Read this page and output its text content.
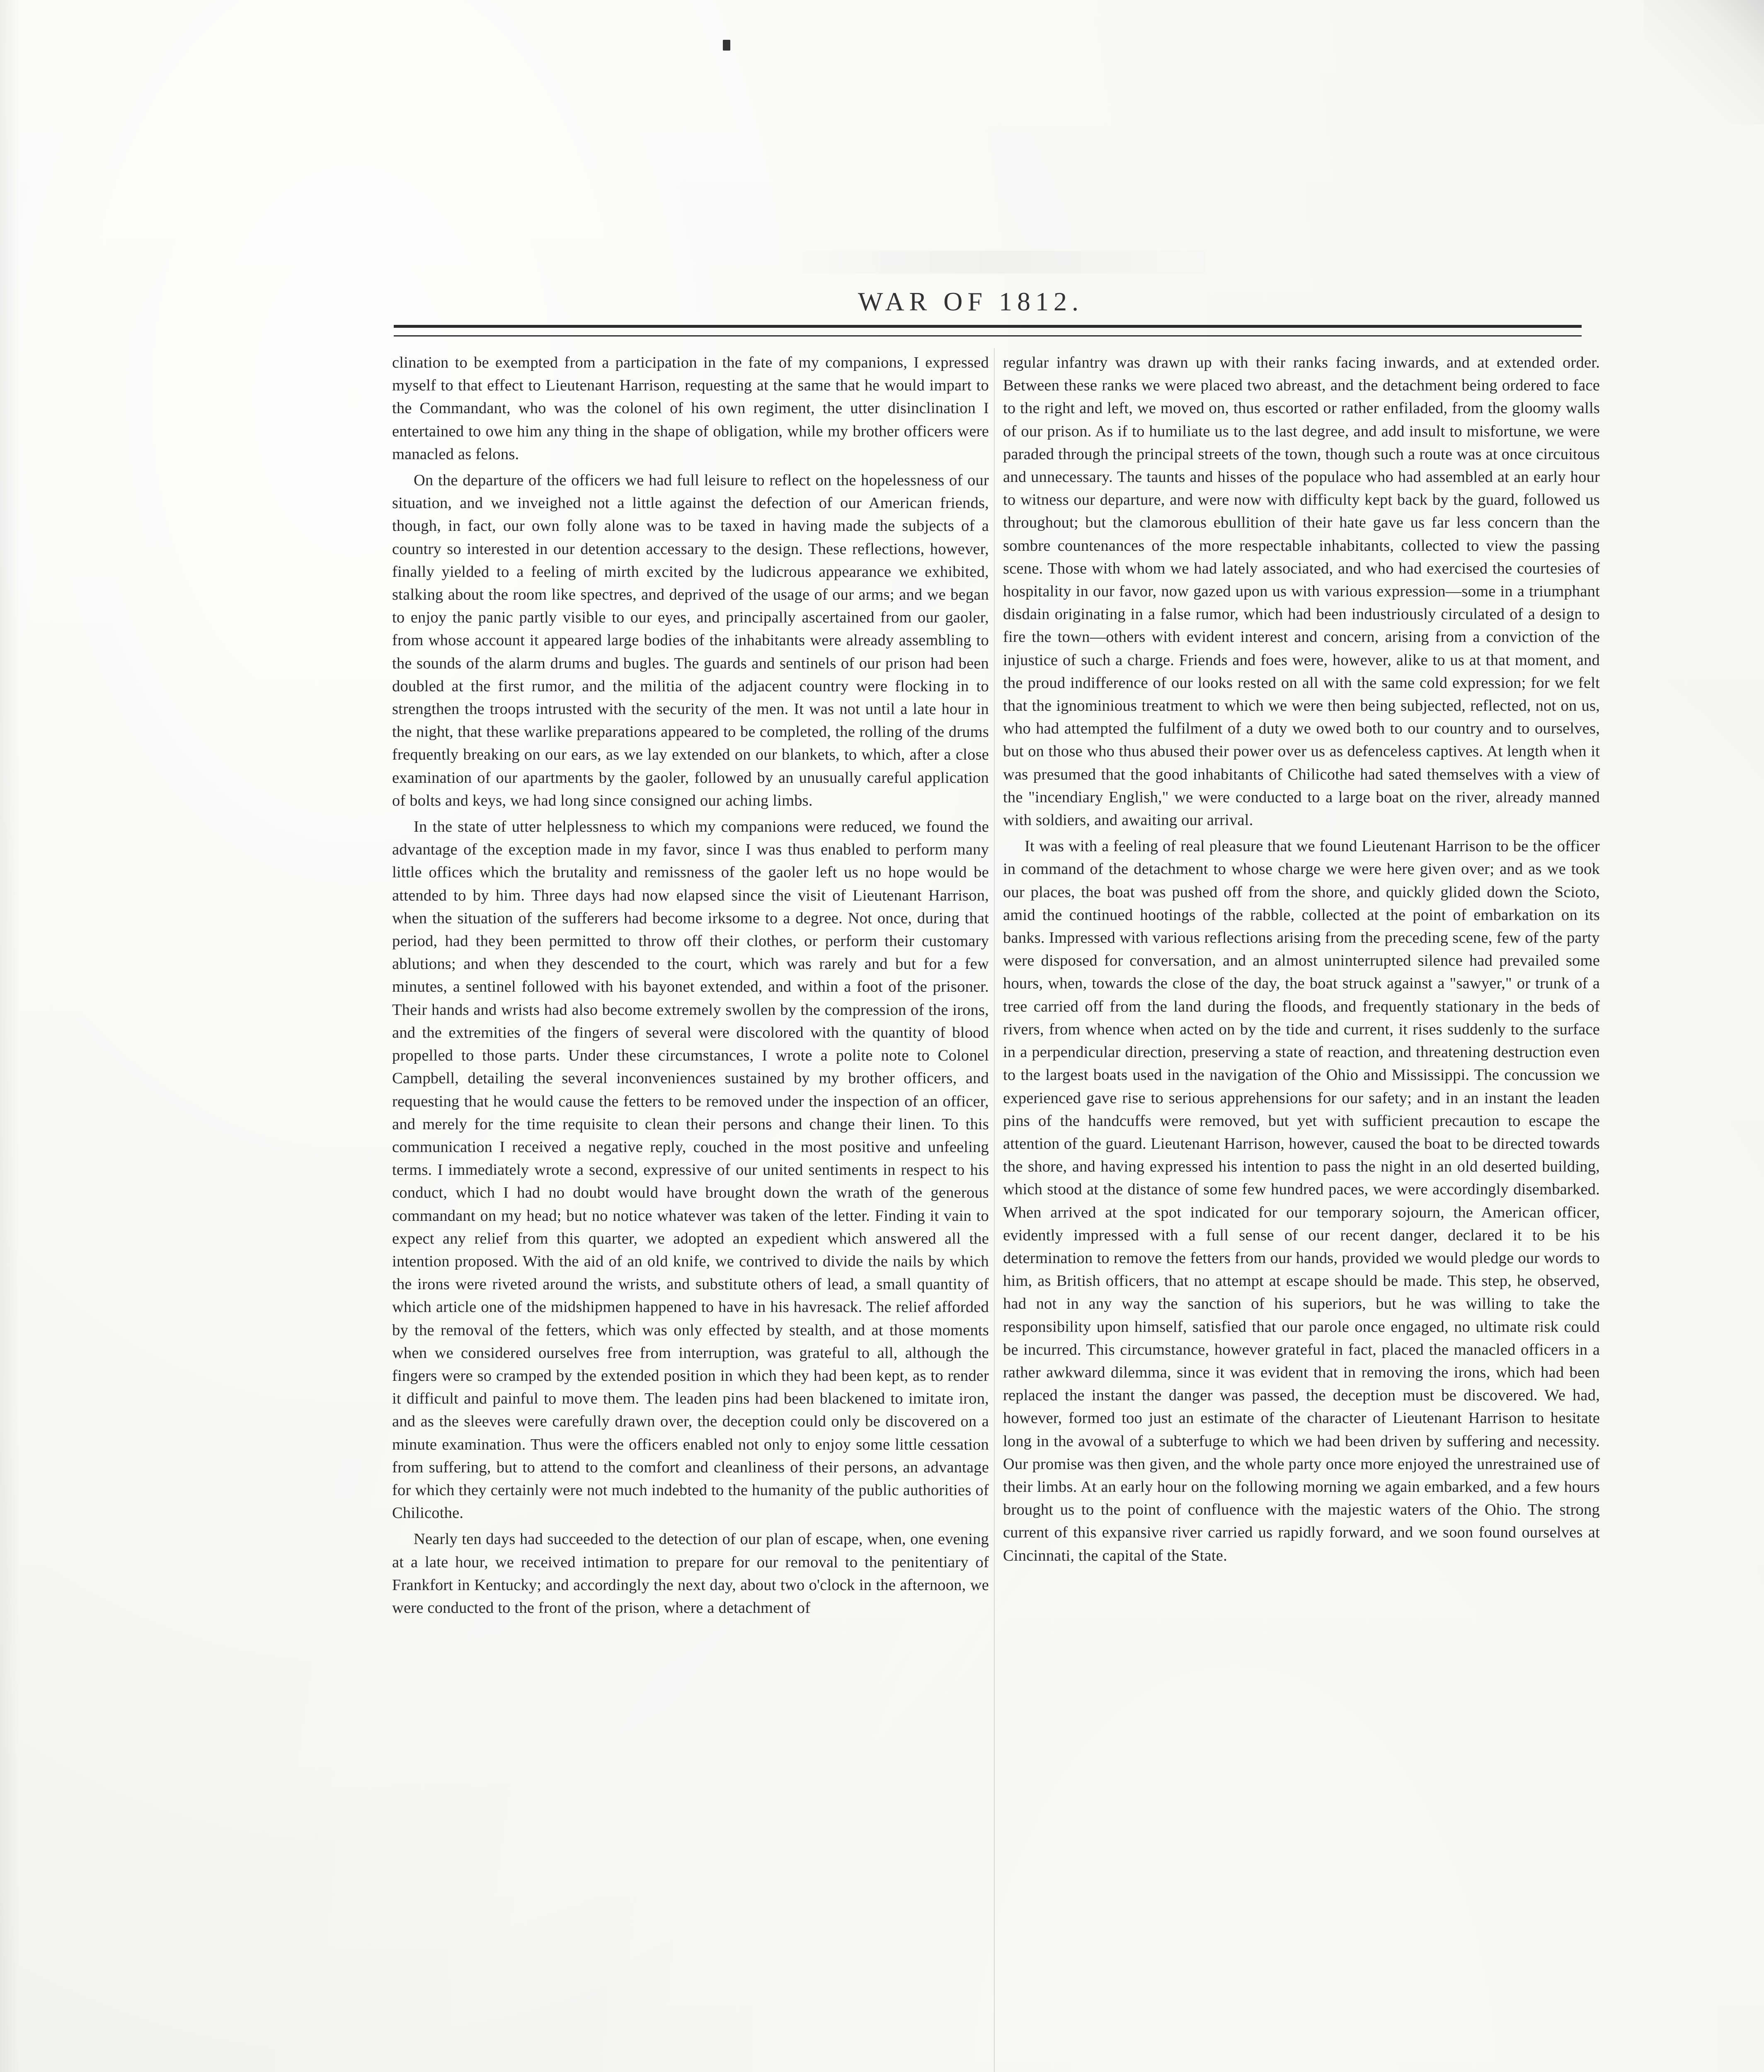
WAR OF 1812.

clination to be exempted from a participation in the fate of my companions, I expressed myself to that effect to Lieutenant Harrison, requesting at the same that he would impart to the Commandant, who was the colonel of his own regiment, the utter disinclination I entertained to owe him any thing in the shape of obligation, while my brother officers were manacled as felons.

On the departure of the officers we had full leisure to reflect on the hopelessness of our situation, and we inveighed not a little against the defection of our American friends, though, in fact, our own folly alone was to be taxed in having made the subjects of a country so interested in our detention accessary to the design. These reflections, however, finally yielded to a feeling of mirth excited by the ludicrous appearance we exhibited, stalking about the room like spectres, and deprived of the usage of our arms; and we began to enjoy the panic partly visible to our eyes, and principally ascertained from our gaoler, from whose account it appeared large bodies of the inhabitants were already assembling to the sounds of the alarm drums and bugles. The guards and sentinels of our prison had been doubled at the first rumor, and the militia of the adjacent country were flocking in to strengthen the troops intrusted with the security of the men. It was not until a late hour in the night, that these warlike preparations appeared to be completed, the rolling of the drums frequently breaking on our ears, as we lay extended on our blankets, to which, after a close examination of our apartments by the gaoler, followed by an unusually careful application of bolts and keys, we had long since consigned our aching limbs.

In the state of utter helplessness to which my companions were reduced, we found the advantage of the exception made in my favor, since I was thus enabled to perform many little offices which the brutality and remissness of the gaoler left us no hope would be attended to by him. Three days had now elapsed since the visit of Lieutenant Harrison, when the situation of the sufferers had become irksome to a degree. Not once, during that period, had they been permitted to throw off their clothes, or perform their customary ablutions; and when they descended to the court, which was rarely and but for a few minutes, a sentinel followed with his bayonet extended, and within a foot of the prisoner. Their hands and wrists had also become extremely swollen by the compression of the irons, and the extremities of the fingers of several were discolored with the quantity of blood propelled to those parts. Under these circumstances, I wrote a polite note to Colonel Campbell, detailing the several inconveniences sustained by my brother officers, and requesting that he would cause the fetters to be removed under the inspection of an officer, and merely for the time requisite to clean their persons and change their linen. To this communication I received a negative reply, couched in the most positive and unfeeling terms. I immediately wrote a second, expressive of our united sentiments in respect to his conduct, which I had no doubt would have brought down the wrath of the generous commandant on my head; but no notice whatever was taken of the letter. Finding it vain to expect any relief from this quarter, we adopted an expedient which answered all the intention proposed. With the aid of an old knife, we contrived to divide the nails by which the irons were riveted around the wrists, and substitute others of lead, a small quantity of which article one of the midshipmen happened to have in his havresack. The relief afforded by the removal of the fetters, which was only effected by stealth, and at those moments when we considered ourselves free from interruption, was grateful to all, although the fingers were so cramped by the extended position in which they had been kept, as to render it difficult and painful to move them. The leaden pins had been blackened to imitate iron, and as the sleeves were carefully drawn over, the deception could only be discovered on a minute examination. Thus were the officers enabled not only to enjoy some little cessation from suffering, but to attend to the comfort and cleanliness of their persons, an advantage for which they certainly were not much indebted to the humanity of the public authorities of Chilicothe.

Nearly ten days had succeeded to the detection of our plan of escape, when, one evening at a late hour, we received intimation to prepare for our removal to the penitentiary of Frankfort in Kentucky; and accordingly the next day, about two o'clock in the afternoon, we were conducted to the front of the prison, where a detachment of

regular infantry was drawn up with their ranks facing inwards, and at extended order. Between these ranks we were placed two abreast, and the detachment being ordered to face to the right and left, we moved on, thus escorted or rather enfiladed, from the gloomy walls of our prison. As if to humiliate us to the last degree, and add insult to misfortune, we were paraded through the principal streets of the town, though such a route was at once circuitous and unnecessary. The taunts and hisses of the populace who had assembled at an early hour to witness our departure, and were now with difficulty kept back by the guard, followed us throughout; but the clamorous ebullition of their hate gave us far less concern than the sombre countenances of the more respectable inhabitants, collected to view the passing scene. Those with whom we had lately associated, and who had exercised the courtesies of hospitality in our favor, now gazed upon us with various expression—some in a triumphant disdain originating in a false rumor, which had been industriously circulated of a design to fire the town—others with evident interest and concern, arising from a conviction of the injustice of such a charge. Friends and foes were, however, alike to us at that moment, and the proud indifference of our looks rested on all with the same cold expression; for we felt that the ignominious treatment to which we were then being subjected, reflected, not on us, who had attempted the fulfilment of a duty we owed both to our country and to ourselves, but on those who thus abused their power over us as defenceless captives. At length when it was presumed that the good inhabitants of Chilicothe had sated themselves with a view of the "incendiary English," we were conducted to a large boat on the river, already manned with soldiers, and awaiting our arrival.

It was with a feeling of real pleasure that we found Lieutenant Harrison to be the officer in command of the detachment to whose charge we were here given over; and as we took our places, the boat was pushed off from the shore, and quickly glided down the Scioto, amid the continued hootings of the rabble, collected at the point of embarkation on its banks. Impressed with various reflections arising from the preceding scene, few of the party were disposed for conversation, and an almost uninterrupted silence had prevailed some hours, when, towards the close of the day, the boat struck against a "sawyer," or trunk of a tree carried off from the land during the floods, and frequently stationary in the beds of rivers, from whence when acted on by the tide and current, it rises suddenly to the surface in a perpendicular direction, preserving a state of reaction, and threatening destruction even to the largest boats used in the navigation of the Ohio and Mississippi. The concussion we experienced gave rise to serious apprehensions for our safety; and in an instant the leaden pins of the handcuffs were removed, but yet with sufficient precaution to escape the attention of the guard. Lieutenant Harrison, however, caused the boat to be directed towards the shore, and having expressed his intention to pass the night in an old deserted building, which stood at the distance of some few hundred paces, we were accordingly disembarked. When arrived at the spot indicated for our temporary sojourn, the American officer, evidently impressed with a full sense of our recent danger, declared it to be his determination to remove the fetters from our hands, provided we would pledge our words to him, as British officers, that no attempt at escape should be made. This step, he observed, had not in any way the sanction of his superiors, but he was willing to take the responsibility upon himself, satisfied that our parole once engaged, no ultimate risk could be incurred. This circumstance, however grateful in fact, placed the manacled officers in a rather awkward dilemma, since it was evident that in removing the irons, which had been replaced the instant the danger was passed, the deception must be discovered. We had, however, formed too just an estimate of the character of Lieutenant Harrison to hesitate long in the avowal of a subterfuge to which we had been driven by suffering and necessity. Our promise was then given, and the whole party once more enjoyed the unrestrained use of their limbs. At an early hour on the following morning we again embarked, and a few hours brought us to the point of confluence with the majestic waters of the Ohio. The strong current of this expansive river carried us rapidly forward, and we soon found ourselves at Cincinnati, the capital of the State.
